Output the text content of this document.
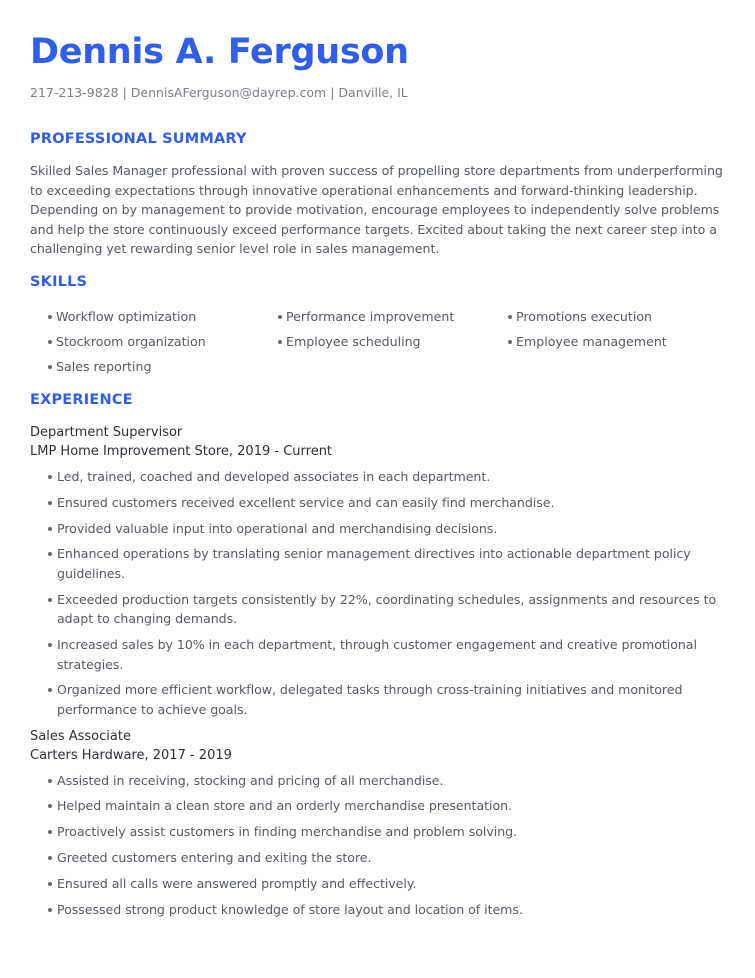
Dennis A. Ferguson
217-213-9828 | DennisAFerguson@dayrep.com | Danville, IL
PROFESSIONAL SUMMARY

Skilled Sales Manager professional with proven success of propelling store departments from underperforming to exceeding expectations through innovative operational enhancements and forward-thinking leadership. Depending on by management to provide motivation, encourage employees to independently solve problems and help the store continuously exceed performance targets. Excited about taking the next career step into a challenging yet rewarding senior level role in sales management.

SKILLS
Workflow optimization	Performance improvement	Promotions execution
Stockroom organization	Employee scheduling	Employee management
Sales reporting
EXPERIENCE
Department Supervisor
LMP Home Improvement Store, 2019 - Current
Led, trained, coached and developed associates in each department.
Ensured customers received excellent service and can easily find merchandise.
Provided valuable input into operational and merchandising decisions.
Enhanced operations by translating senior management directives into actionable department policy guidelines.
Exceeded production targets consistently by 22%, coordinating schedules, assignments and resources to adapt to changing demands.
Increased sales by 10% in each department, through customer engagement and creative promotional strategies.
Organized more efficient workflow, delegated tasks through cross-training initiatives and monitored performance to achieve goals.
Sales Associate
Carters Hardware, 2017 - 2019
Assisted in receiving, stocking and pricing of all merchandise.
Helped maintain a clean store and an orderly merchandise presentation.
Proactively assist customers in finding merchandise and problem solving.
Greeted customers entering and exiting the store.
Ensured all calls were answered promptly and effectively.
Possessed strong product knowledge of store layout and location of items.
